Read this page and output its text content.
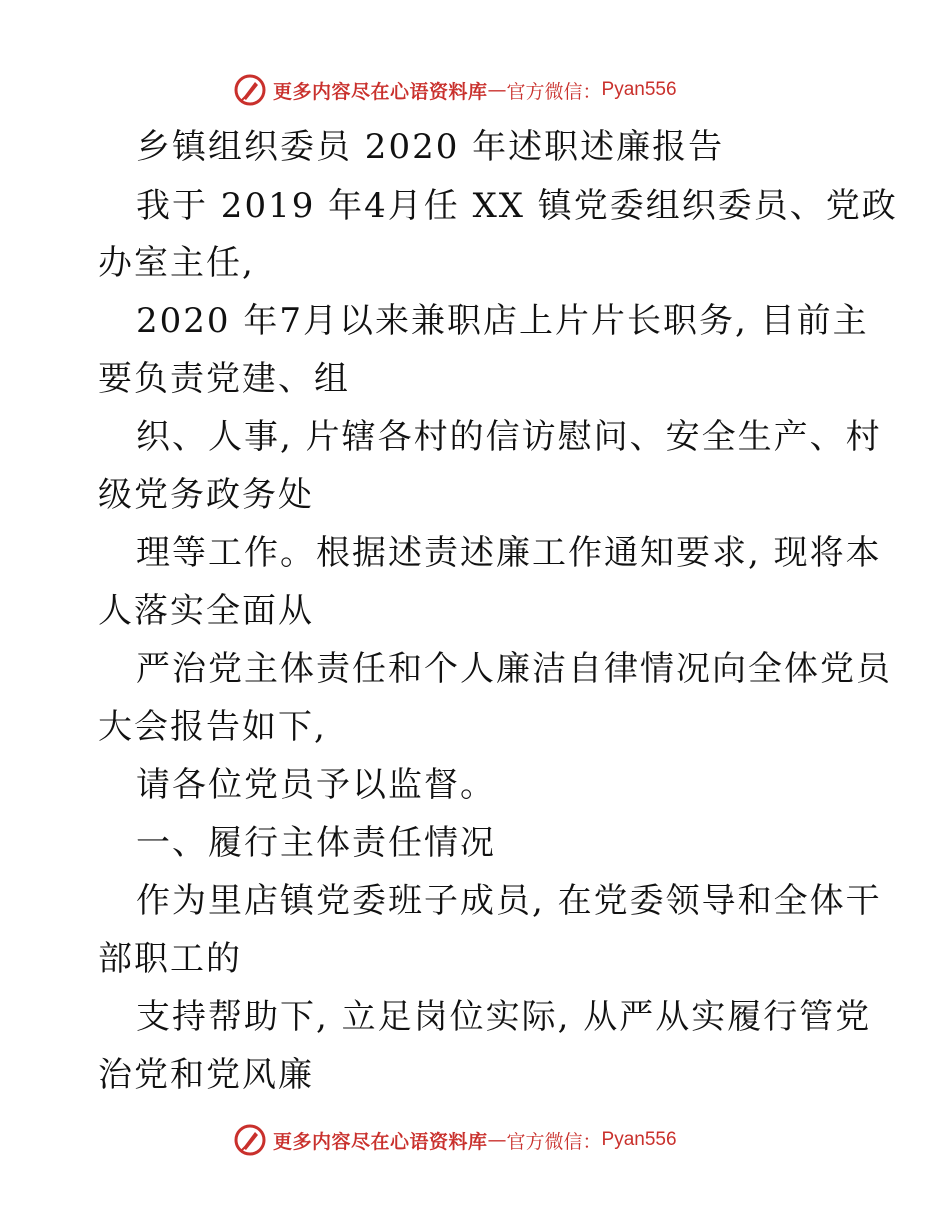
更多内容尽在心语资料库 — 官方微信： Pyan556
乡镇组织委员 2020 年述职述廉报告
我于 2019 年4月任 XX 镇党委组织委员、党政
办室主任,
2020 年7月以来兼职店上片片长职务, 目前主
要负责党建、组
织、人事, 片辖各村的信访慰问、安全生产、村
级党务政务处
理等工作。根据述责述廉工作通知要求, 现将本
人落实全面从
严治党主体责任和个人廉洁自律情况向全体党员
大会报告如下,
请各位党员予以监督。
一、履行主体责任情况
作为里店镇党委班子成员, 在党委领导和全体干
部职工的
支持帮助下, 立足岗位实际, 从严从实履行管党
治党和党风廉
更多内容尽在心语资料库 — 官方微信： Pyan556
